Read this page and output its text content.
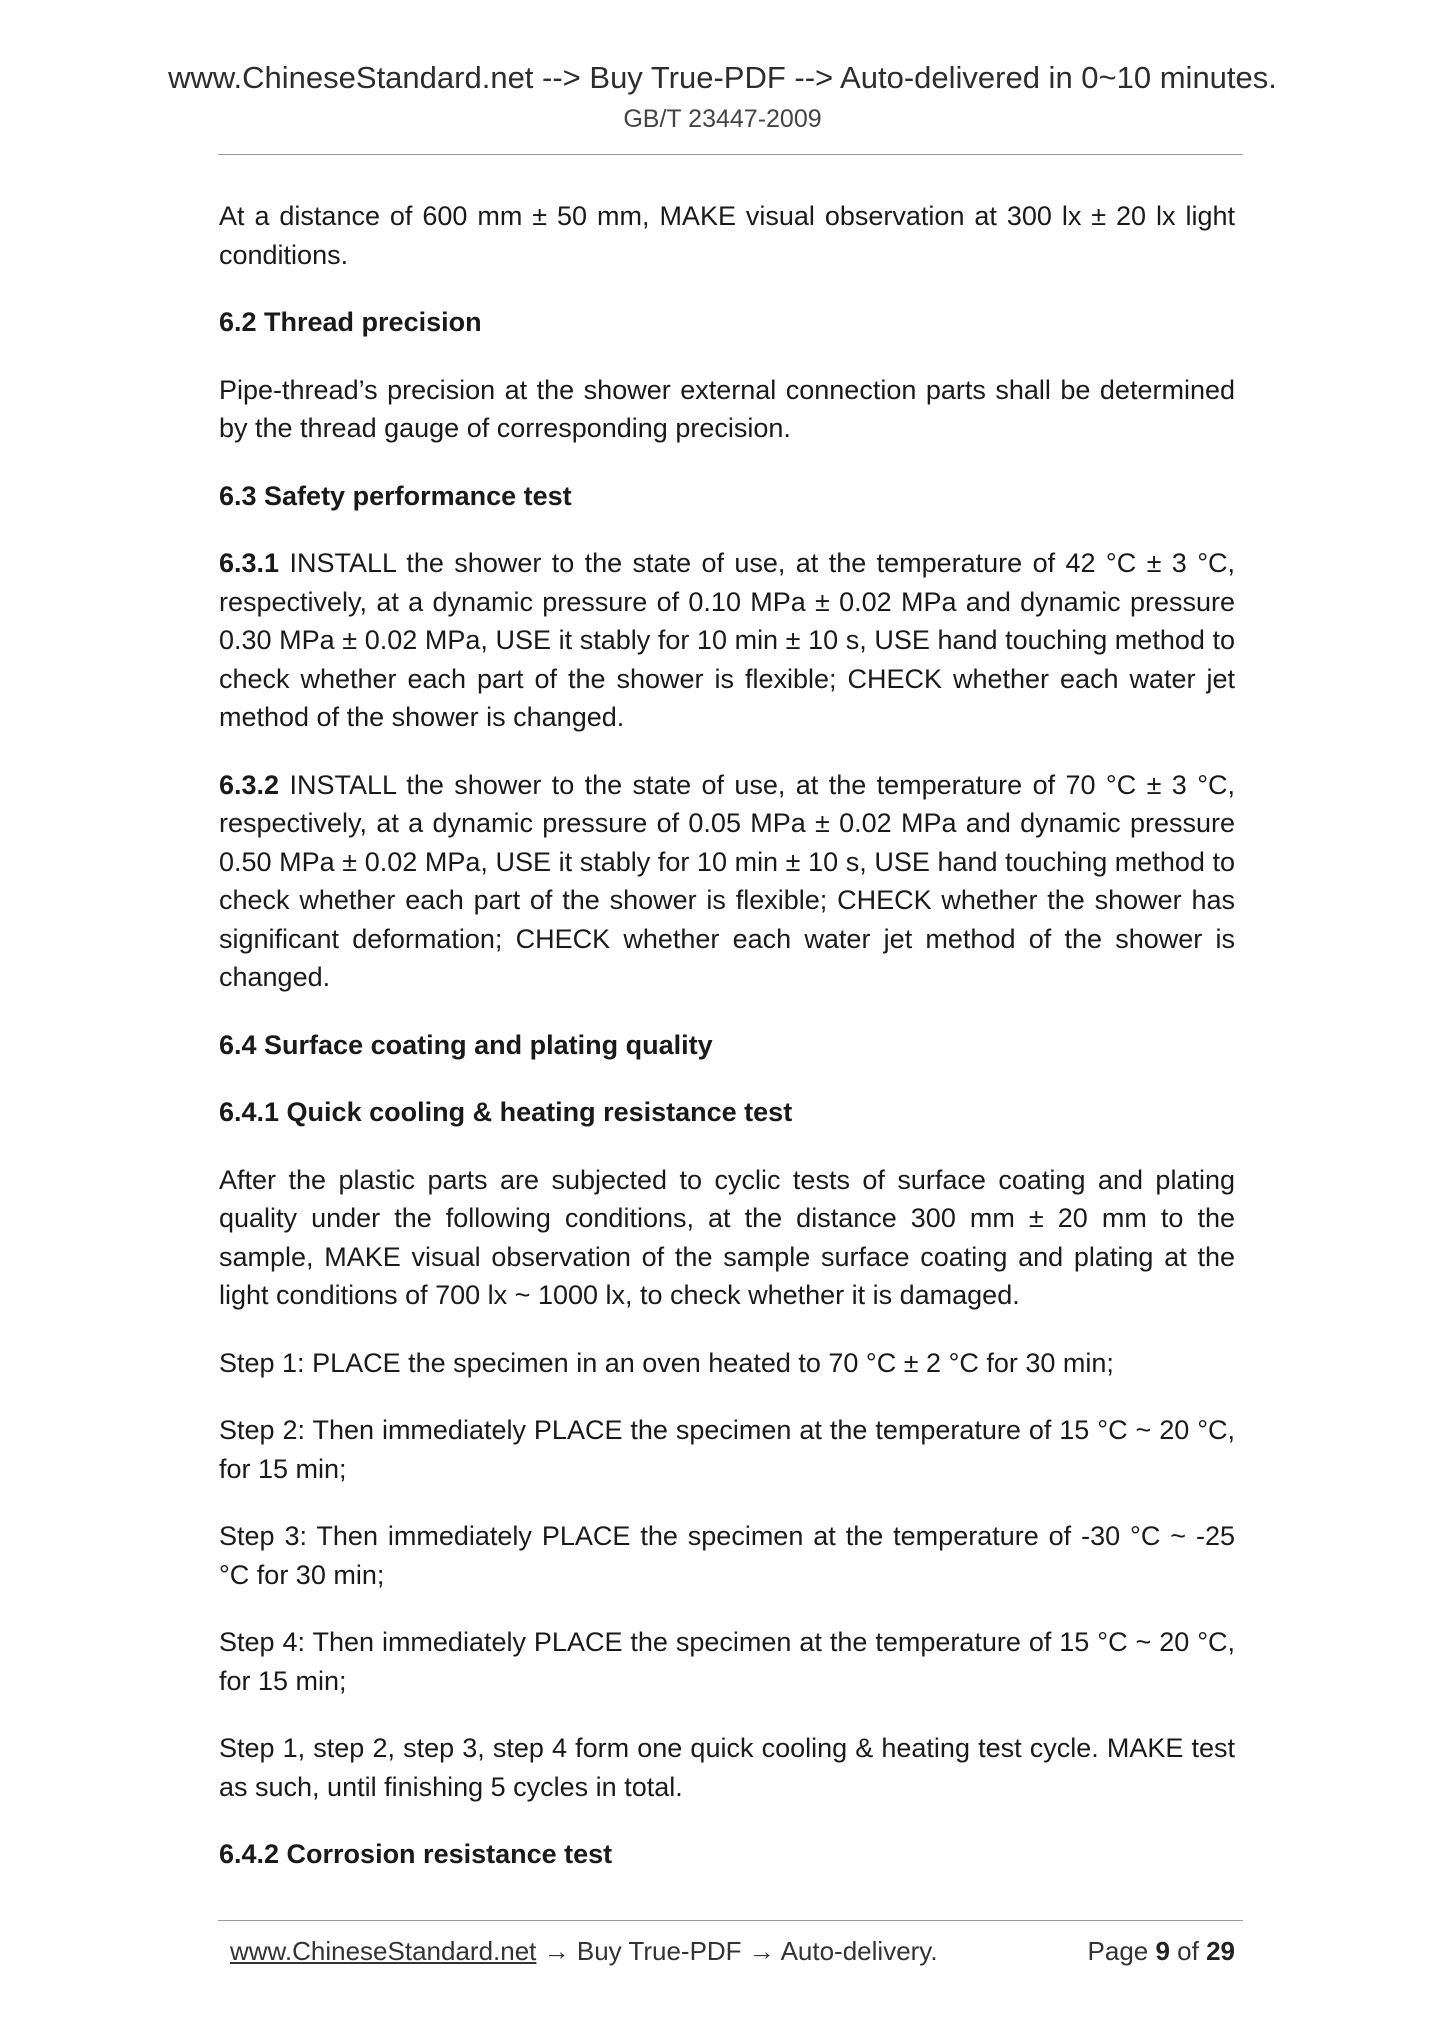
www.ChineseStandard.net --> Buy True-PDF --> Auto-delivered in 0~10 minutes.
GB/T 23447-2009

At a distance of 600 mm ± 50 mm, MAKE visual observation at 300 lx ± 20 lx light conditions.

6.2 Thread precision

Pipe-thread’s precision at the shower external connection parts shall be determined by the thread gauge of corresponding precision.

6.3 Safety performance test

6.3.1 INSTALL the shower to the state of use, at the temperature of 42 °C ± 3 °C, respectively, at a dynamic pressure of 0.10 MPa ± 0.02 MPa and dynamic pressure 0.30 MPa ± 0.02 MPa, USE it stably for 10 min ± 10 s, USE hand touching method to check whether each part of the shower is flexible; CHECK whether each water jet method of the shower is changed.

6.3.2 INSTALL the shower to the state of use, at the temperature of 70 °C ± 3 °C, respectively, at a dynamic pressure of 0.05 MPa ± 0.02 MPa and dynamic pressure 0.50 MPa ± 0.02 MPa, USE it stably for 10 min ± 10 s, USE hand touching method to check whether each part of the shower is flexible; CHECK whether the shower has significant deformation; CHECK whether each water jet method of the shower is changed.

6.4 Surface coating and plating quality
6.4.1 Quick cooling & heating resistance test

After the plastic parts are subjected to cyclic tests of surface coating and plating quality under the following conditions, at the distance 300 mm ± 20 mm to the sample, MAKE visual observation of the sample surface coating and plating at the light conditions of 700 lx ~ 1000 lx, to check whether it is damaged.

Step 1: PLACE the specimen in an oven heated to 70 °C ± 2 °C for 30 min;

Step 2: Then immediately PLACE the specimen at the temperature of 15 °C ~ 20 °C, for 15 min;

Step 3: Then immediately PLACE the specimen at the temperature of -30 °C ~ -25 °C for 30 min;

Step 4: Then immediately PLACE the specimen at the temperature of 15 °C ~ 20 °C, for 15 min;

Step 1, step 2, step 3, step 4 form one quick cooling & heating test cycle. MAKE test as such, until finishing 5 cycles in total.

6.4.2 Corrosion resistance test
www.ChineseStandard.net → Buy True-PDF → Auto-delivery.	Page 9 of 29
